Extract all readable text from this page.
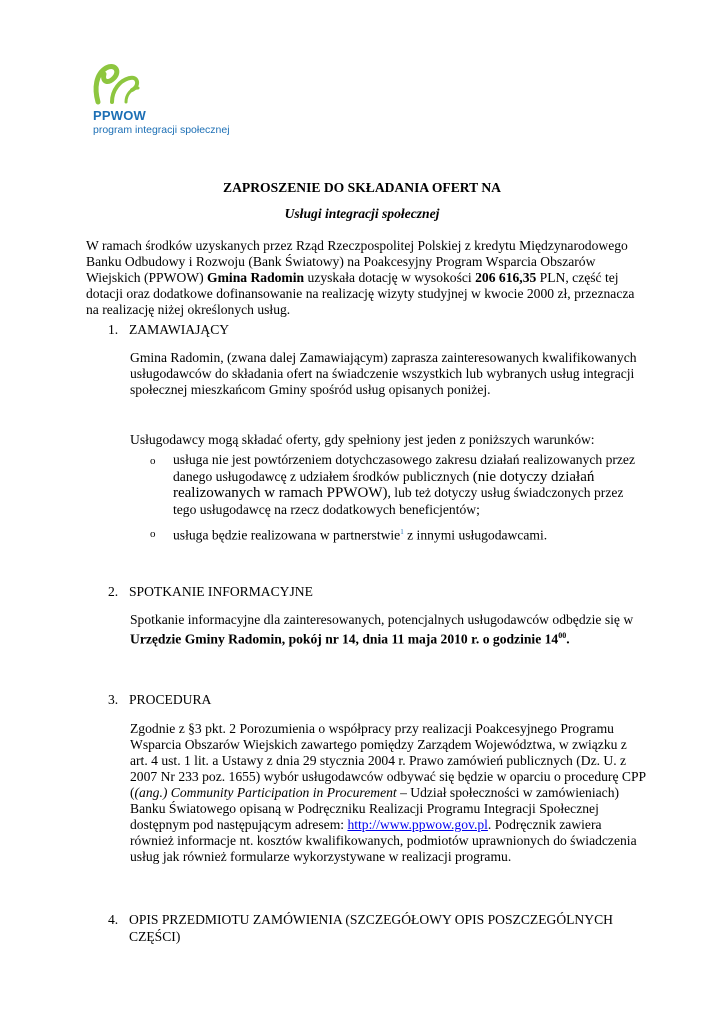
PPWOW
program integracji społecznej
ZAPROSZENIE DO SKŁADANIA OFERT NA
Usługi integracji społecznej
W ramach środków uzyskanych przez Rząd Rzeczpospolitej Polskiej z kredytu Międzynarodowego
Banku Odbudowy i Rozwoju (Bank Światowy) na Poakcesyjny Program Wsparcia Obszarów
Wiejskich (PPWOW) Gmina Radomin uzyskała dotację w wysokości 206 616,35 PLN, część tej
dotacji oraz dodatkowe dofinansowanie na realizację wizyty studyjnej w kwocie 2000 zł, przeznacza
na realizację niżej określonych usług.
1. ZAMAWIAJĄCY
Gmina Radomin, (zwana dalej Zamawiającym) zaprasza zainteresowanych kwalifikowanych
usługodawców do składania ofert na świadczenie wszystkich lub wybranych usług integracji
społecznej mieszkańcom Gminy spośród usług opisanych poniżej.
Usługodawcy mogą składać oferty, gdy spełniony jest jeden z poniższych warunków:
o usługa nie jest powtórzeniem dotychczasowego zakresu działań realizowanych przez
danego usługodawcę z udziałem środków publicznych (nie dotyczy działań
realizowanych w ramach PPWOW), lub też dotyczy usług świadczonych przez
tego usługodawcę na rzecz dodatkowych beneficjentów;
o usługa będzie realizowana w partnerstwie$^1$ z innymi usługodawcami.
2. SPOTKANIE INFORMACYJNE
Spotkanie informacyjne dla zainteresowanych, potencjalnych usługodawców odbędzie się w
Urzędzie Gminy Radomin, pokój nr 14, dnia 11 maja 2010 r. o godzinie $14^{00}$.
3. PROCEDURA
Zgodnie z §3 pkt. 2 Porozumienia o współpracy przy realizacji Poakcesyjnego Programu
Wsparcia Obszarów Wiejskich zawartego pomiędzy Zarządem Województwa, w związku z
art. 4 ust. 1 lit. a Ustawy z dnia 29 stycznia 2004 r. Prawo zamówień publicznych (Dz. U. z
2007 Nr 233 poz. 1655) wybór usługodawców odbywać się będzie w oparciu o procedurę CPP
((ang.) Community Participation in Procurement – Udział społeczności w zamówieniach)
Banku Światowego opisaną w Podręczniku Realizacji Programu Integracji Społecznej
dostępnym pod następującym adresem: http://www.ppwow.gov.pl. Podręcznik zawiera
również informacje nt. kosztów kwalifikowanych, podmiotów uprawnionych do świadczenia
usług jak również formularze wykorzystywane w realizacji programu.
4. OPIS PRZEDMIOTU ZAMÓWIENIA (SZCZEGÓŁOWY OPIS POSZCZEGÓLNYCH
CZĘŚCI)
